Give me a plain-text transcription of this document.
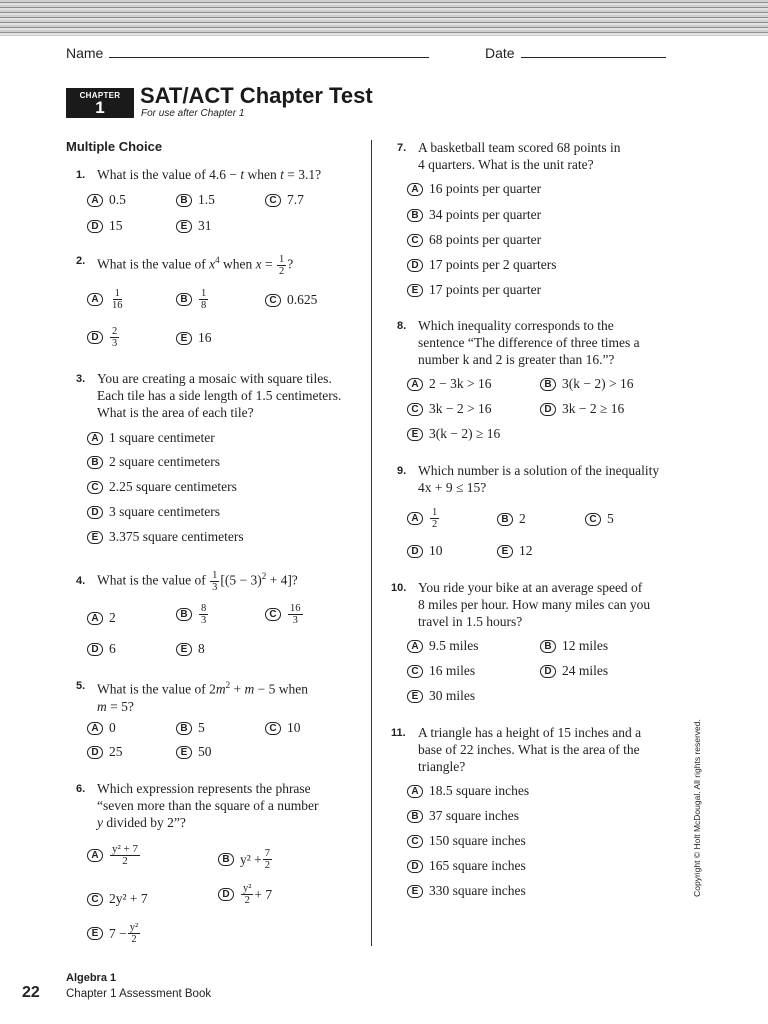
Name	Date
CHAPTER
1	SAT/ACT Chapter Test
For use after Chapter 1
Multiple Choice
1. What is the value of 4.6 − t when t = 3.1?
A 0.5	B 1.5	C 7.7
D 15	E 31
2. What is the value of $x^4$ when $x = \frac{1}{2}$ ?
A	$\frac{1}{16}$	B	$\frac{1}{8}$	C 0.625
D	$\frac{2}{3}$	E 16
3. You are creating a mosaic with square tiles.
Each tile has a side length of 1.5 centimeters.
What is the area of each tile?
A 1 square centimeter
B 2 square centimeters
C 2.25 square centimeters
D 3 square centimeters
E 3.375 square centimeters
4. What is the value of $\frac{1}{3} [(5 - 3)^2 + 4]$?
A 2	B	$\frac{8}{3}$	C	$\frac{16}{3}$
D 6	E 8
5. What is the value of $2m^2 + m - 5$ when
m = 5?
A 0	B 5	C 10
D 25	E 50
6. Which expression represents the phrase
“seven more than the square of a number
y divided by 2”?
A	$\frac{\text{y² + 7}}{2}$	B $y^2 + \frac{7}{2}$
C 2y² + 7	D	$\frac{\text{y²}}{2} + 7$
E $7 - \frac{\text{y²}}{2}$
7. A basketball team scored 68 points in
4 quarters. What is the unit rate?
A 16 points per quarter
B 34 points per quarter
C 68 points per quarter
D 17 points per 2 quarters
E 17 points per quarter
8. Which inequality corresponds to the
sentence “The difference of three times a
number k and 2 is greater than 16.”?
A 2 − 3k > 16	B 3(k − 2) > 16
C 3k − 2 > 16	D 3k − 2 ≥ 16
E 3(k − 2) ≥ 16
9. Which number is a solution of the inequality
4x + 9 ≤ 15?
A	$\frac{1}{2}$	B 2	C 5
D 10	E 12
10. You ride your bike at an average speed of
8 miles per hour. How many miles can you
travel in 1.5 hours?
A 9.5 miles	B 12 miles
C 16 miles	D 24 miles
E 30 miles
11. A triangle has a height of 15 inches and a
base of 22 inches. What is the area of the
triangle?
A 18.5 square inches
B 37 square inches
C 150 square inches
D 165 square inches
E 330 square inches	Copyright © Holt McDougal. All rights reserved.
22
Algebra 1
Chapter 1 Assessment Book
